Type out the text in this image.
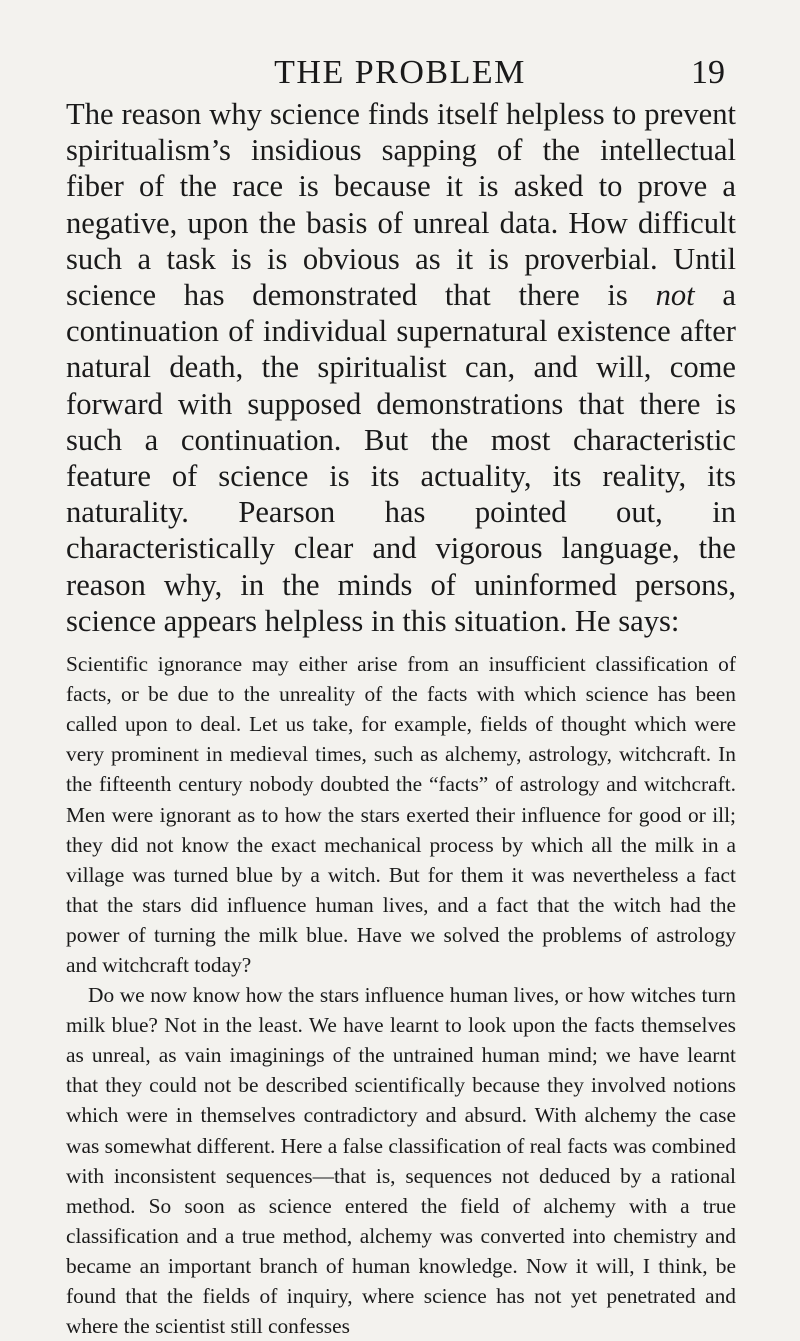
THE PROBLEM	19

The reason why science finds itself helpless to prevent spiritualism’s insidious sapping of the intellectual fiber of the race is because it is asked to prove a negative, upon the basis of unreal data. How difficult such a task is is obvious as it is proverbial. Until science has demonstrated that there is not a continuation of individual supernatural existence after natural death, the spiritualist can, and will, come forward with supposed demonstrations that there is such a continuation. But the most characteristic feature of science is its actuality, its reality, its naturality. Pearson has pointed out, in characteristically clear and vigorous language, the reason why, in the minds of uninformed persons, science appears helpless in this situation. He says:

Scientific ignorance may either arise from an insufficient classification of facts, or be due to the unreality of the facts with which science has been called upon to deal. Let us take, for example, fields of thought which were very prominent in medieval times, such as alchemy, astrology, witchcraft. In the fifteenth century nobody doubted the “facts” of astrology and witchcraft. Men were ignorant as to how the stars exerted their influence for good or ill; they did not know the exact mechanical process by which all the milk in a village was turned blue by a witch. But for them it was nevertheless a fact that the stars did influence human lives, and a fact that the witch had the power of turning the milk blue. Have we solved the problems of astrology and witchcraft today?

Do we now know how the stars influence human lives, or how witches turn milk blue? Not in the least. We have learnt to look upon the facts themselves as unreal, as vain imaginings of the untrained human mind; we have learnt that they could not be described scientifically because they involved notions which were in themselves contradictory and absurd. With alchemy the case was somewhat different. Here a false classification of real facts was combined with inconsistent sequences—that is, sequences not deduced by a rational method. So soon as science entered the field of alchemy with a true classification and a true method, alchemy was converted into chemistry and became an important branch of human knowledge. Now it will, I think, be found that the fields of inquiry, where science has not yet penetrated and where the scientist still confesses
